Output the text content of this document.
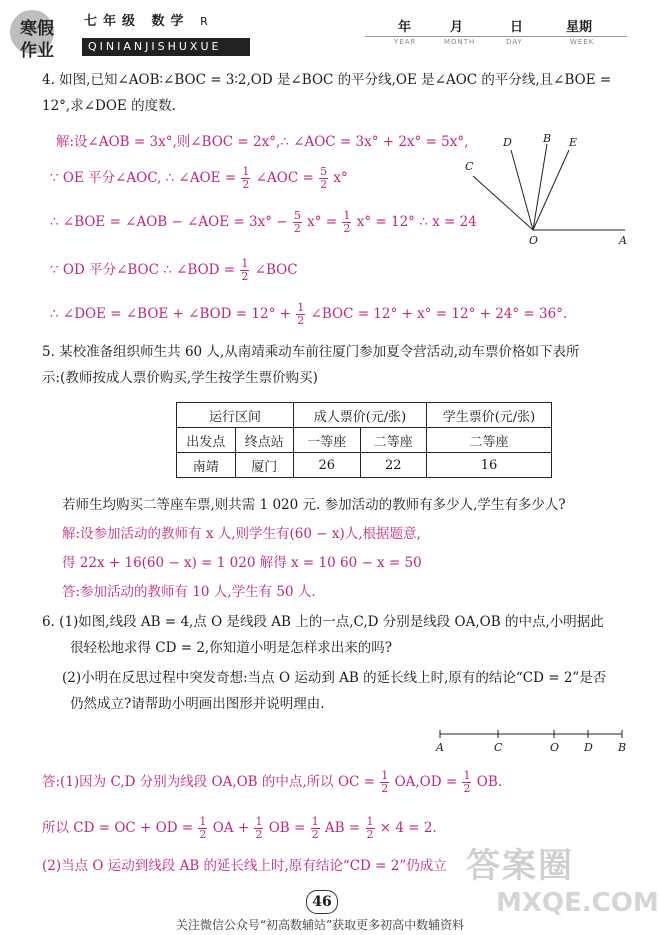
寒假
作业
七年级 数学 R
QINIANJISHUXUE
年	月	日	星期
YEAR	MONTH	DAY	WEEK
4. 如图,已知∠AOB∶∠BOC = 3∶2,OD 是∠BOC 的平分线,OE 是∠AOC 的平分线,且∠BOE =
12°,求∠DOE 的度数.
解:设∠AOB = 3x°,则∠BOC = 2x°,∴ ∠AOC = 3x° + 2x° = 5x°,
∵ OE 平分∠AOC, ∴ ∠AOE = $\frac{1}{2}$ ∠AOC = $\frac{5}{2} x^\circ$
∴ ∠BOE = ∠AOB − ∠AOE = $3x^\circ - \frac{5}{2} x^\circ = \frac{1}{2} x^\circ = 12^\circ$ ∴ x = 24
∵ OD 平分∠BOC ∴ ∠BOD = $\frac{1}{2}$ ∠BOC
∴ ∠DOE = ∠BOE + ∠BOD = $12^\circ + \frac{1}{2}$ ∠BOC = 12° + x° = 12° + 24° = 36°.
C
D	B E
O	A
5. 某校准备组织师生共 60 人,从南靖乘动车前往厦门参加夏令营活动,动车票价格如下表所
示:(教师按成人票价购买,学生按学生票价购买)
运行区间		成人票价(元/张)		学生票价(元/张)
出发点	终点站	一等座	二等座	二等座
南靖	厦门	26	22	16
若师生均购买二等座车票,则共需 1 020 元. 参加活动的教师有多少人,学生有多少人?
解:设参加活动的教师有 x 人,则学生有(60 − x)人,根据题意,
得 22x + 16(60 − x) = 1 020 解得 x = 10 60 − x = 50
答:参加活动的教师有 10 人,学生有 50 人.
6. (1)如图,线段 AB = 4,点 O 是线段 AB 上的一点,C,D 分别是线段 OA,OB 的中点,小明据此
很轻松地求得 CD = 2,你知道小明是怎样求出来的吗?
(2)小明在反思过程中突发奇想:当点 O 运动到 AB 的延长线上时,原有的结论“CD = 2”是否
仍然成立?请帮助小明画出图形并说明理由.
A	C	O D B
答:(1)因为 C,D 分别为线段 OA,OB 的中点,所以 OC = $\frac{1}{2} OA,OD = \frac{1}{2}$ OB.
所以 CD = OC + OD = $\frac{1}{2}$ OA + $\frac{1}{2}$ OB = $\frac{1}{2}$ AB = $\frac{1}{2} \times 4 = 2$.
(2)当点 O 运动到线段 AB 的延长线上时,原有结论“CD = 2”仍成立 答案圈
MXQE.COM
46
关注微信公众号“初高数辅站”获取更多初高中数辅资料
